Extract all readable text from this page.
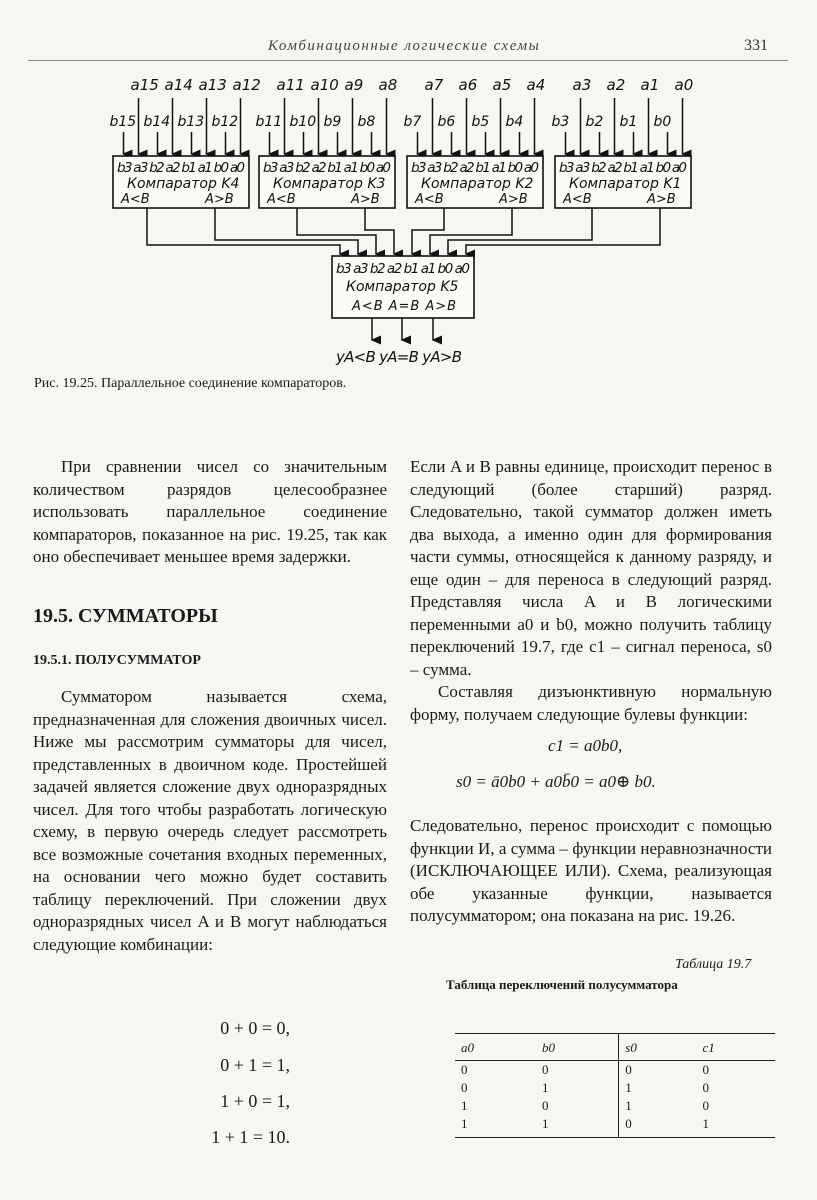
Комбинационные логические схемы	331
a15
b15
a14
b14
a13
b13
a12
b12
b3 a3 b2 a2 b1 a1 b0 a0
Компаратор K4
A<B	A>B
a11
b11
a10
b10
a9
b9
a8
b8
b3 a3 b2 a2 b1 a1 b0 a0
Компаратор K3
A<B	A>B
a7
b7
a6
b6
a5
b5
a4
b4
b3 a3 b2 a2 b1 a1 b0 a0
Компаратор K2
A<B	A>B
a3
b3
a2
b2
a1
b1
a0
b0
b3 a3 b2 a2 b1 a1 b0 a0
Компаратор K1
A<B	A>B
b3 a3 b2 a2 b1 a1 b0 a0
Компаратор K5
A<B A=B A>B
yA<B yA=B yA>B
Рис. 19.25. Параллельное соединение компараторов.

При сравнении чисел со значительным количеством разрядов целесообразнее использовать параллельное соединение компараторов, показанное на рис. 19.25, так как оно обеспечивает меньшее время задержки.

19.5. СУММАТОРЫ
19.5.1. ПОЛУСУММАТОР

Сумматором называется схема, предназначенная для сложения двоичных чисел. Ниже мы рассмотрим сумматоры для чисел, представленных в двоичном коде. Простейшей задачей является сложение двух одноразрядных чисел. Для того чтобы разработать логическую схему, в первую очередь следует рассмотреть все возможные сочетания входных переменных, на основании чего можно будет составить таблицу переключений. При сложении двух одноразрядных чисел A и B могут наблюдаться следующие комбинации:

0 + 0 = 0,
0 + 1 = 1,
1 + 0 = 1,
1 + 1 = 10.

Если A и B равны единице, происходит перенос в следующий (более старший) разряд. Следовательно, такой сумматор должен иметь два выхода, а именно один для формирования части суммы, относящейся к данному разряду, и еще один – для переноса в следующий разряд. Представляя числа A и B логическими переменными a0 и b0, можно получить таблицу переключений 19.7, где c1 – сигнал переноса, s0 – сумма.

Составляя дизъюнктивную нормальную форму, получаем следующие булевы функции:

c1 = a0b0,
s0 = ā0b0 + a0b̄0 = a0⊕ b0.

Следовательно, перенос происходит с помощью функции И, а сумма – функции неравнозначности (ИСКЛЮЧАЮЩЕЕ ИЛИ). Схема, реализующая обе указанные функции, называется полусумматором; она показана на рис. 19.26.

Таблица 19.7
Таблица переключений полусумматора
a0	b0	s0	c1
0	0	0	0
0	1	1	0
1	0	1	0
1	1	0	1
